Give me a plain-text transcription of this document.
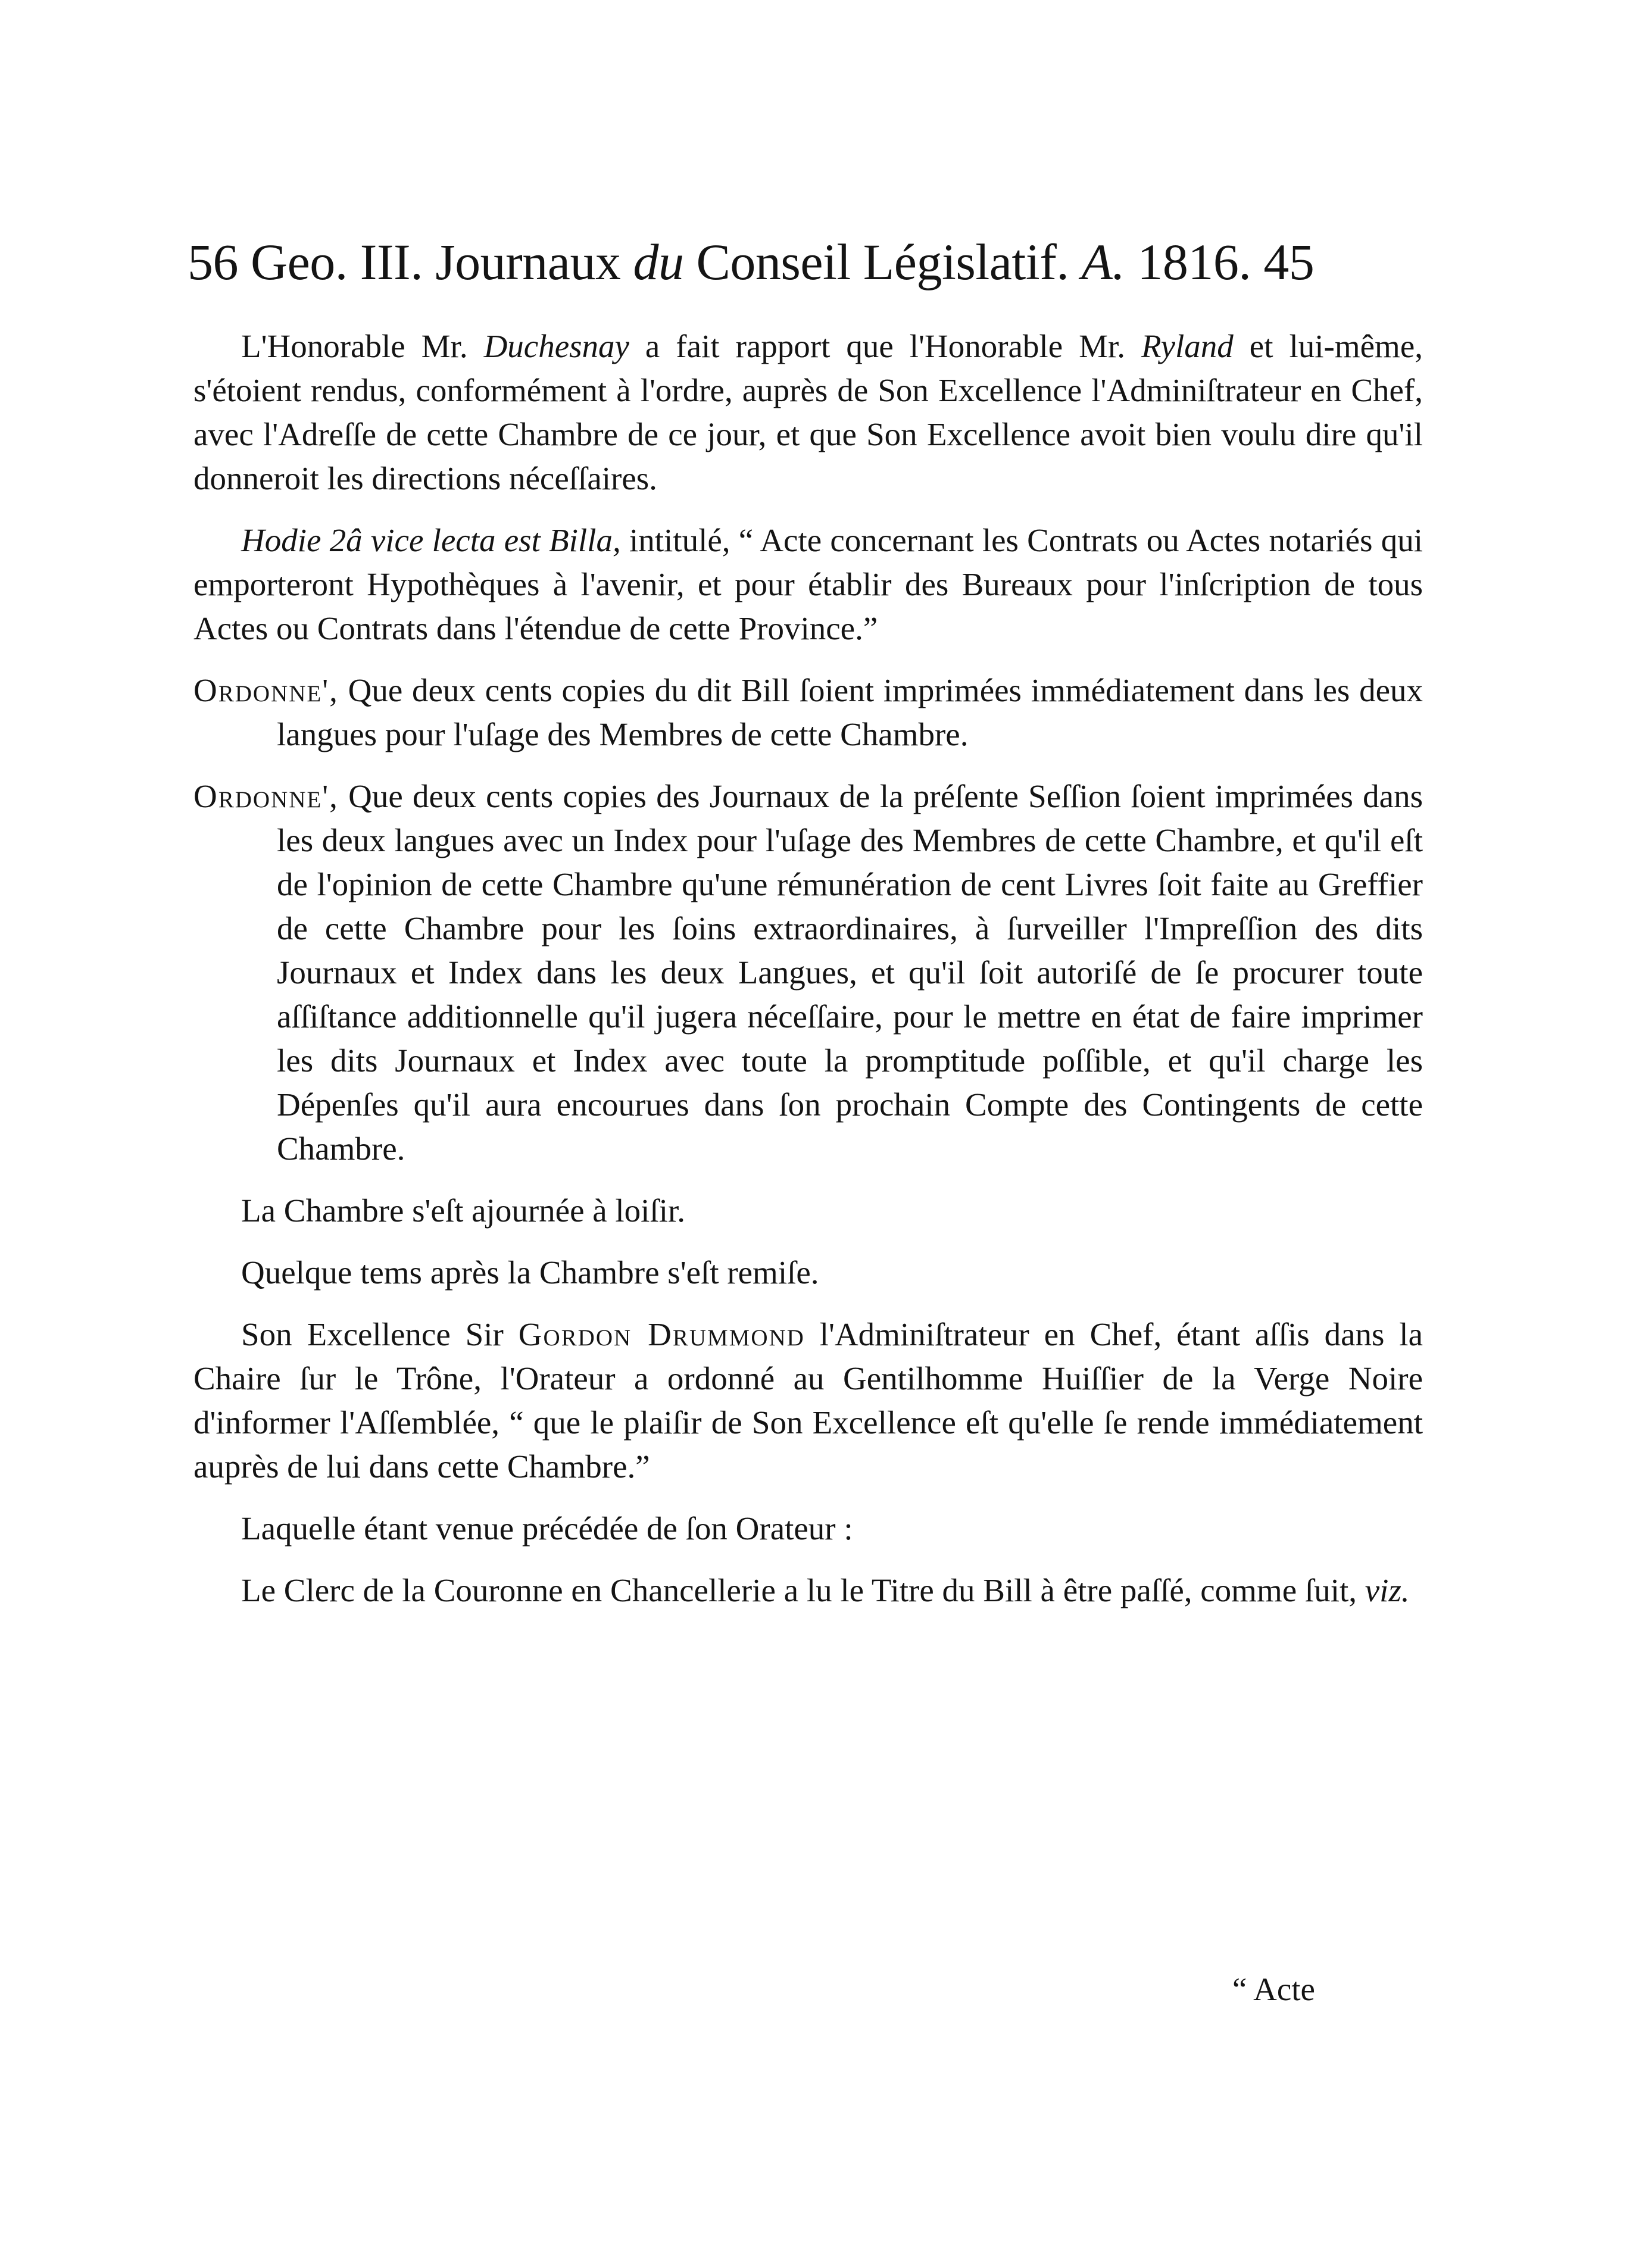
56 Geo. III. Journaux du Conseil Législatif. A. 1816. 45

L'Honorable Mr. Duchesnay a fait rapport que l'Honorable Mr. Ryland et lui-même, s'étoient rendus, conformément à l'ordre, auprès de Son Excellence l'Adminiſtrateur en Chef, avec l'Adreſſe de cette Chambre de ce jour, et que Son Excellence avoit bien voulu dire qu'il donneroit les directions néceſſaires.

Hodie 2â vice lecta est Billa, intitulé, “ Acte concernant les Contrats ou Actes notariés qui emporteront Hypothèques à l'avenir, et pour établir des Bureaux pour l'inſcription de tous Actes ou Contrats dans l'étendue de cette Province.”

Ordonne', Que deux cents copies du dit Bill ſoient imprimées immédiatement dans les deux langues pour l'uſage des Membres de cette Chambre.

Ordonne', Que deux cents copies des Journaux de la préſente Seſſion ſoient imprimées dans les deux langues avec un Index pour l'uſage des Membres de cette Chambre, et qu'il eſt de l'opinion de cette Chambre qu'une rémunération de cent Livres ſoit faite au Greffier de cette Chambre pour les ſoins extraordinaires, à ſurveiller l'Impreſſion des dits Journaux et Index dans les deux Langues, et qu'il ſoit autoriſé de ſe procurer toute aſſiſtance additionnelle qu'il jugera néceſſaire, pour le mettre en état de faire imprimer les dits Journaux et Index avec toute la promptitude poſſible, et qu'il charge les Dépenſes qu'il aura encourues dans ſon prochain Compte des Contingents de cette Chambre.

La Chambre s'eſt ajournée à loiſir.

Quelque tems après la Chambre s'eſt remiſe.

Son Excellence Sir Gordon Drummond l'Adminiſtrateur en Chef, étant aſſis dans la Chaire ſur le Trône, l'Orateur a ordonné au Gentilhomme Huiſſier de la Verge Noire d'informer l'Aſſemblée, “ que le plaiſir de Son Excellence eſt qu'elle ſe rende immédiatement auprès de lui dans cette Chambre.”

Laquelle étant venue précédée de ſon Orateur :

Le Clerc de la Couronne en Chancellerie a lu le Titre du Bill à être paſſé, comme ſuit, viz.

“ Acte
